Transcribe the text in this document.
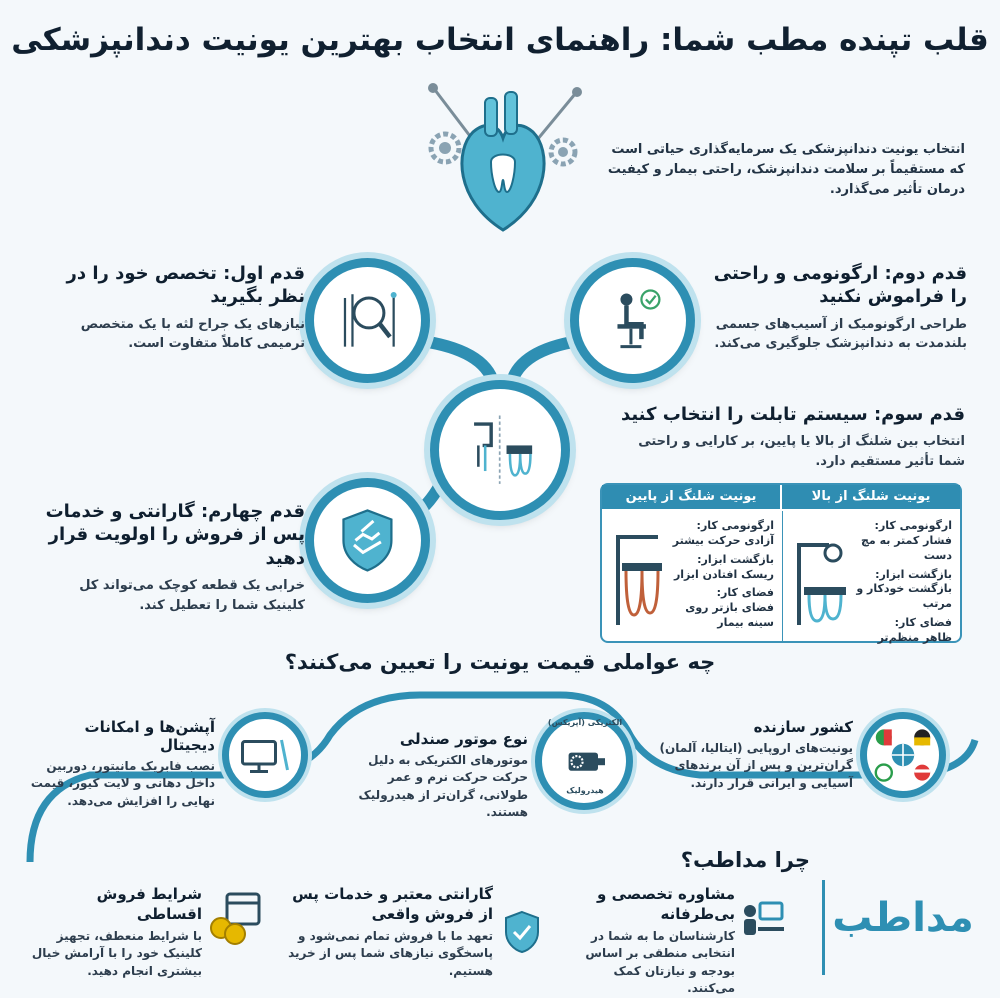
قلب تپنده مطب شما: راهنمای انتخاب بهترین یونیت دندانپزشکی
انتخاب یونیت دندانپزشکی یک سرمایه‌گذاری حیاتی است که مستقیماً بر سلامت دندانپزشک، راحتی بیمار و کیفیت درمان تأثیر می‌گذارد.
قدم اول: تخصص خود را در نظر بگیرید
نیازهای یک جراح لثه با یک متخصص ترمیمی کاملاً متفاوت است.
قدم دوم: ارگونومی و راحتی را فراموش نکنید
طراحی ارگونومیک از آسیب‌های جسمی بلندمدت به دندانپزشک جلوگیری می‌کند.
قدم سوم: سیستم تابلت را انتخاب کنید
انتخاب بین شلنگ از بالا یا پایین، بر کارایی و راحتی شما تأثیر مستقیم دارد.
قدم چهارم: گارانتی و خدمات پس از فروش را اولویت قرار دهید
خرابی یک قطعه کوچک می‌تواند کل کلینیک شما را تعطیل کند.
یونیت شلنگ از بالا
یونیت شلنگ از پایین
ارگونومی کار:
فشار کمتر به مچ دست
بازگشت ابزار:
بازگشت خودکار و مرتب
فضای کار:
ظاهر منظم‌تر
ارگونومی کار:
آزادی حرکت بیشتر
بازگشت ابزار:
ریسک افتادن ابزار
فضای کار:
فضای بازتر روی سینه بیمار
چه عواملی قیمت یونیت را تعیین می‌کنند؟
الکتریکی (آپریکس)
هیدرولیک
کشور سازنده
یونیت‌های اروپایی (ایتالیا، آلمان) گران‌ترین و پس از آن برندهای آسیایی و ایرانی قرار دارند.
نوع موتور صندلی
موتورهای الکتریکی به دلیل حرکت حرکت نرم و عمر طولانی، گران‌تر از هیدرولیک هستند.
آپشن‌ها و امکانات دیجیتال
نصب فابریک مانیتور، دوربین داخل دهانی و لایت کیور، قیمت نهایی را افزایش می‌دهد.
چرا مداطب؟
مداطب
مشاوره تخصصی و بی‌طرفانه
کارشناسان ما به شما در انتخابی منطقی بر اساس بودجه و نیازتان کمک می‌کنند.
گارانتی معتبر و خدمات پس از فروش واقعی
تعهد ما با فروش تمام نمی‌شود و پاسخگوی نیازهای شما پس از خرید هستیم.
شرایط فروش اقساطی
با شرایط منعطف، تجهیز کلینیک خود را با آرامش خیال بیشتری انجام دهید.
